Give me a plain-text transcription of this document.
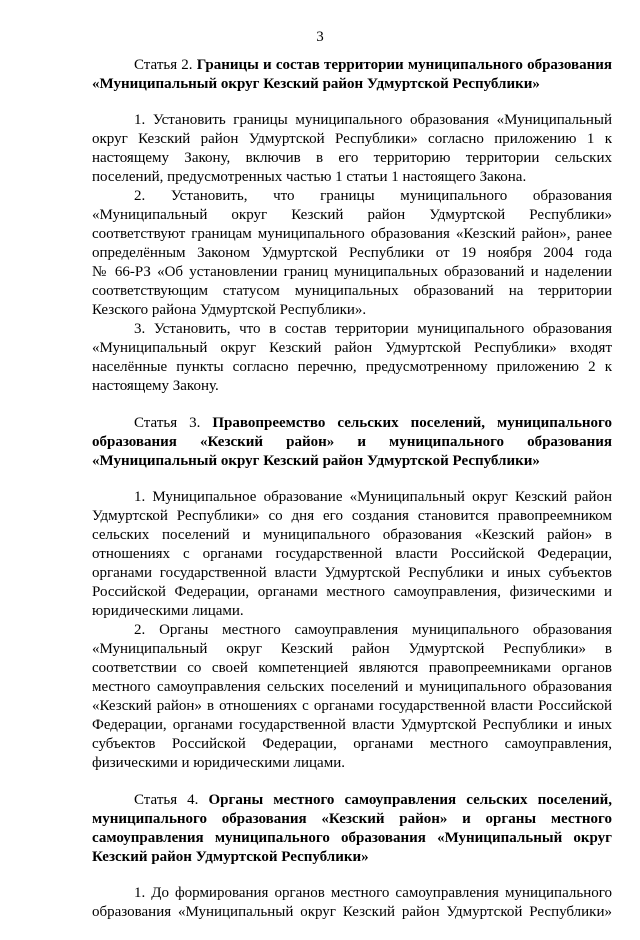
3
Статья 2. Границы и состав территории муниципального образования
«Муниципальный округ Кезский район Удмуртской Республики»
1. Установить границы муниципального образования «Муниципальный
округ Кезский район Удмуртской Республики» согласно приложению 1 к
настоящему Закону, включив в его территорию территории сельских
поселений, предусмотренных частью 1 статьи 1 настоящего Закона.
2. Установить, что границы муниципального образования
«Муниципальный округ Кезский район Удмуртской Республики»
соответствуют границам муниципального образования «Кезский район», ранее
определённым Законом Удмуртской Республики от 19 ноября 2004 года
№ 66-РЗ «Об установлении границ муниципальных образований и наделении
соответствующим статусом муниципальных образований на территории
Кезского района Удмуртской Республики».
3. Установить, что в состав территории муниципального образования
«Муниципальный округ Кезский район Удмуртской Республики» входят
населённые пункты согласно перечню, предусмотренному приложению 2 к
настоящему Закону.
Статья 3. Правопреемство сельских поселений, муниципального
образования «Кезский район» и муниципального образования
«Муниципальный округ Кезский район Удмуртской Республики»
1. Муниципальное образование «Муниципальный округ Кезский район
Удмуртской Республики» со дня его создания становится правопреемником
сельских поселений и муниципального образования «Кезский район» в
отношениях с органами государственной власти Российской Федерации,
органами государственной власти Удмуртской Республики и иных субъектов
Российской Федерации, органами местного самоуправления, физическими и
юридическими лицами.
2. Органы местного самоуправления муниципального образования
«Муниципальный округ Кезский район Удмуртской Республики» в
соответствии со своей компетенцией являются правопреемниками органов
местного самоуправления сельских поселений и муниципального образования
«Кезский район» в отношениях с органами государственной власти Российской
Федерации, органами государственной власти Удмуртской Республики и иных
субъектов Российской Федерации, органами местного самоуправления,
физическими и юридическими лицами.
Статья 4. Органы местного самоуправления сельских поселений,
муниципального образования «Кезский район» и органы местного
самоуправления муниципального образования «Муниципальный округ
Кезский район Удмуртской Республики»
1. До формирования органов местного самоуправления муниципального
образования «Муниципальный округ Кезский район Удмуртской Республики»
